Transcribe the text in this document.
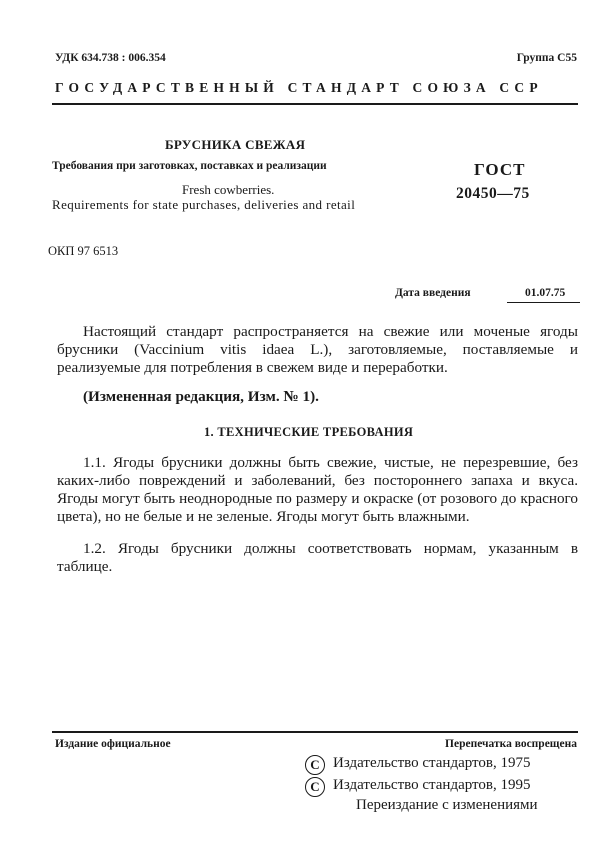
УДК 634.738 : 006.354	Группа С55
ГОСУДАРСТВЕННЫЙ СТАНДАРТ СОЮЗА ССР
БРУСНИКА СВЕЖАЯ
Требования при заготовках, поставках и реализации
Fresh cowberries.
Requirements for state purchases, deliveries and retail
ГОСТ
20450—75
ОКП 97 6513
Дата введения	01.07.75
Настоящий стандарт распространяется на свежие или моченые ягоды брусники (Vaccinium vitis idaea L.), заготовляемые, поставляемые и реализуемые для потребления в свежем виде и переработки.
(Измененная редакция, Изм. № 1).
1. ТЕХНИЧЕСКИЕ ТРЕБОВАНИЯ
1.1. Ягоды брусники должны быть свежие, чистые, не перезревшие, без каких-либо повреждений и заболеваний, без постороннего запаха и вкуса. Ягоды могут быть неоднородные по размеру и окраске (от розового до красного цвета), но не белые и не зеленые. Ягоды могут быть влажными.
1.2. Ягоды брусники должны соответствовать нормам, указанным в таблице.
Издание официальное	Перепечатка воспрещена
C Издательство стандартов, 1975
C Издательство стандартов, 1995
Переиздание с изменениями
